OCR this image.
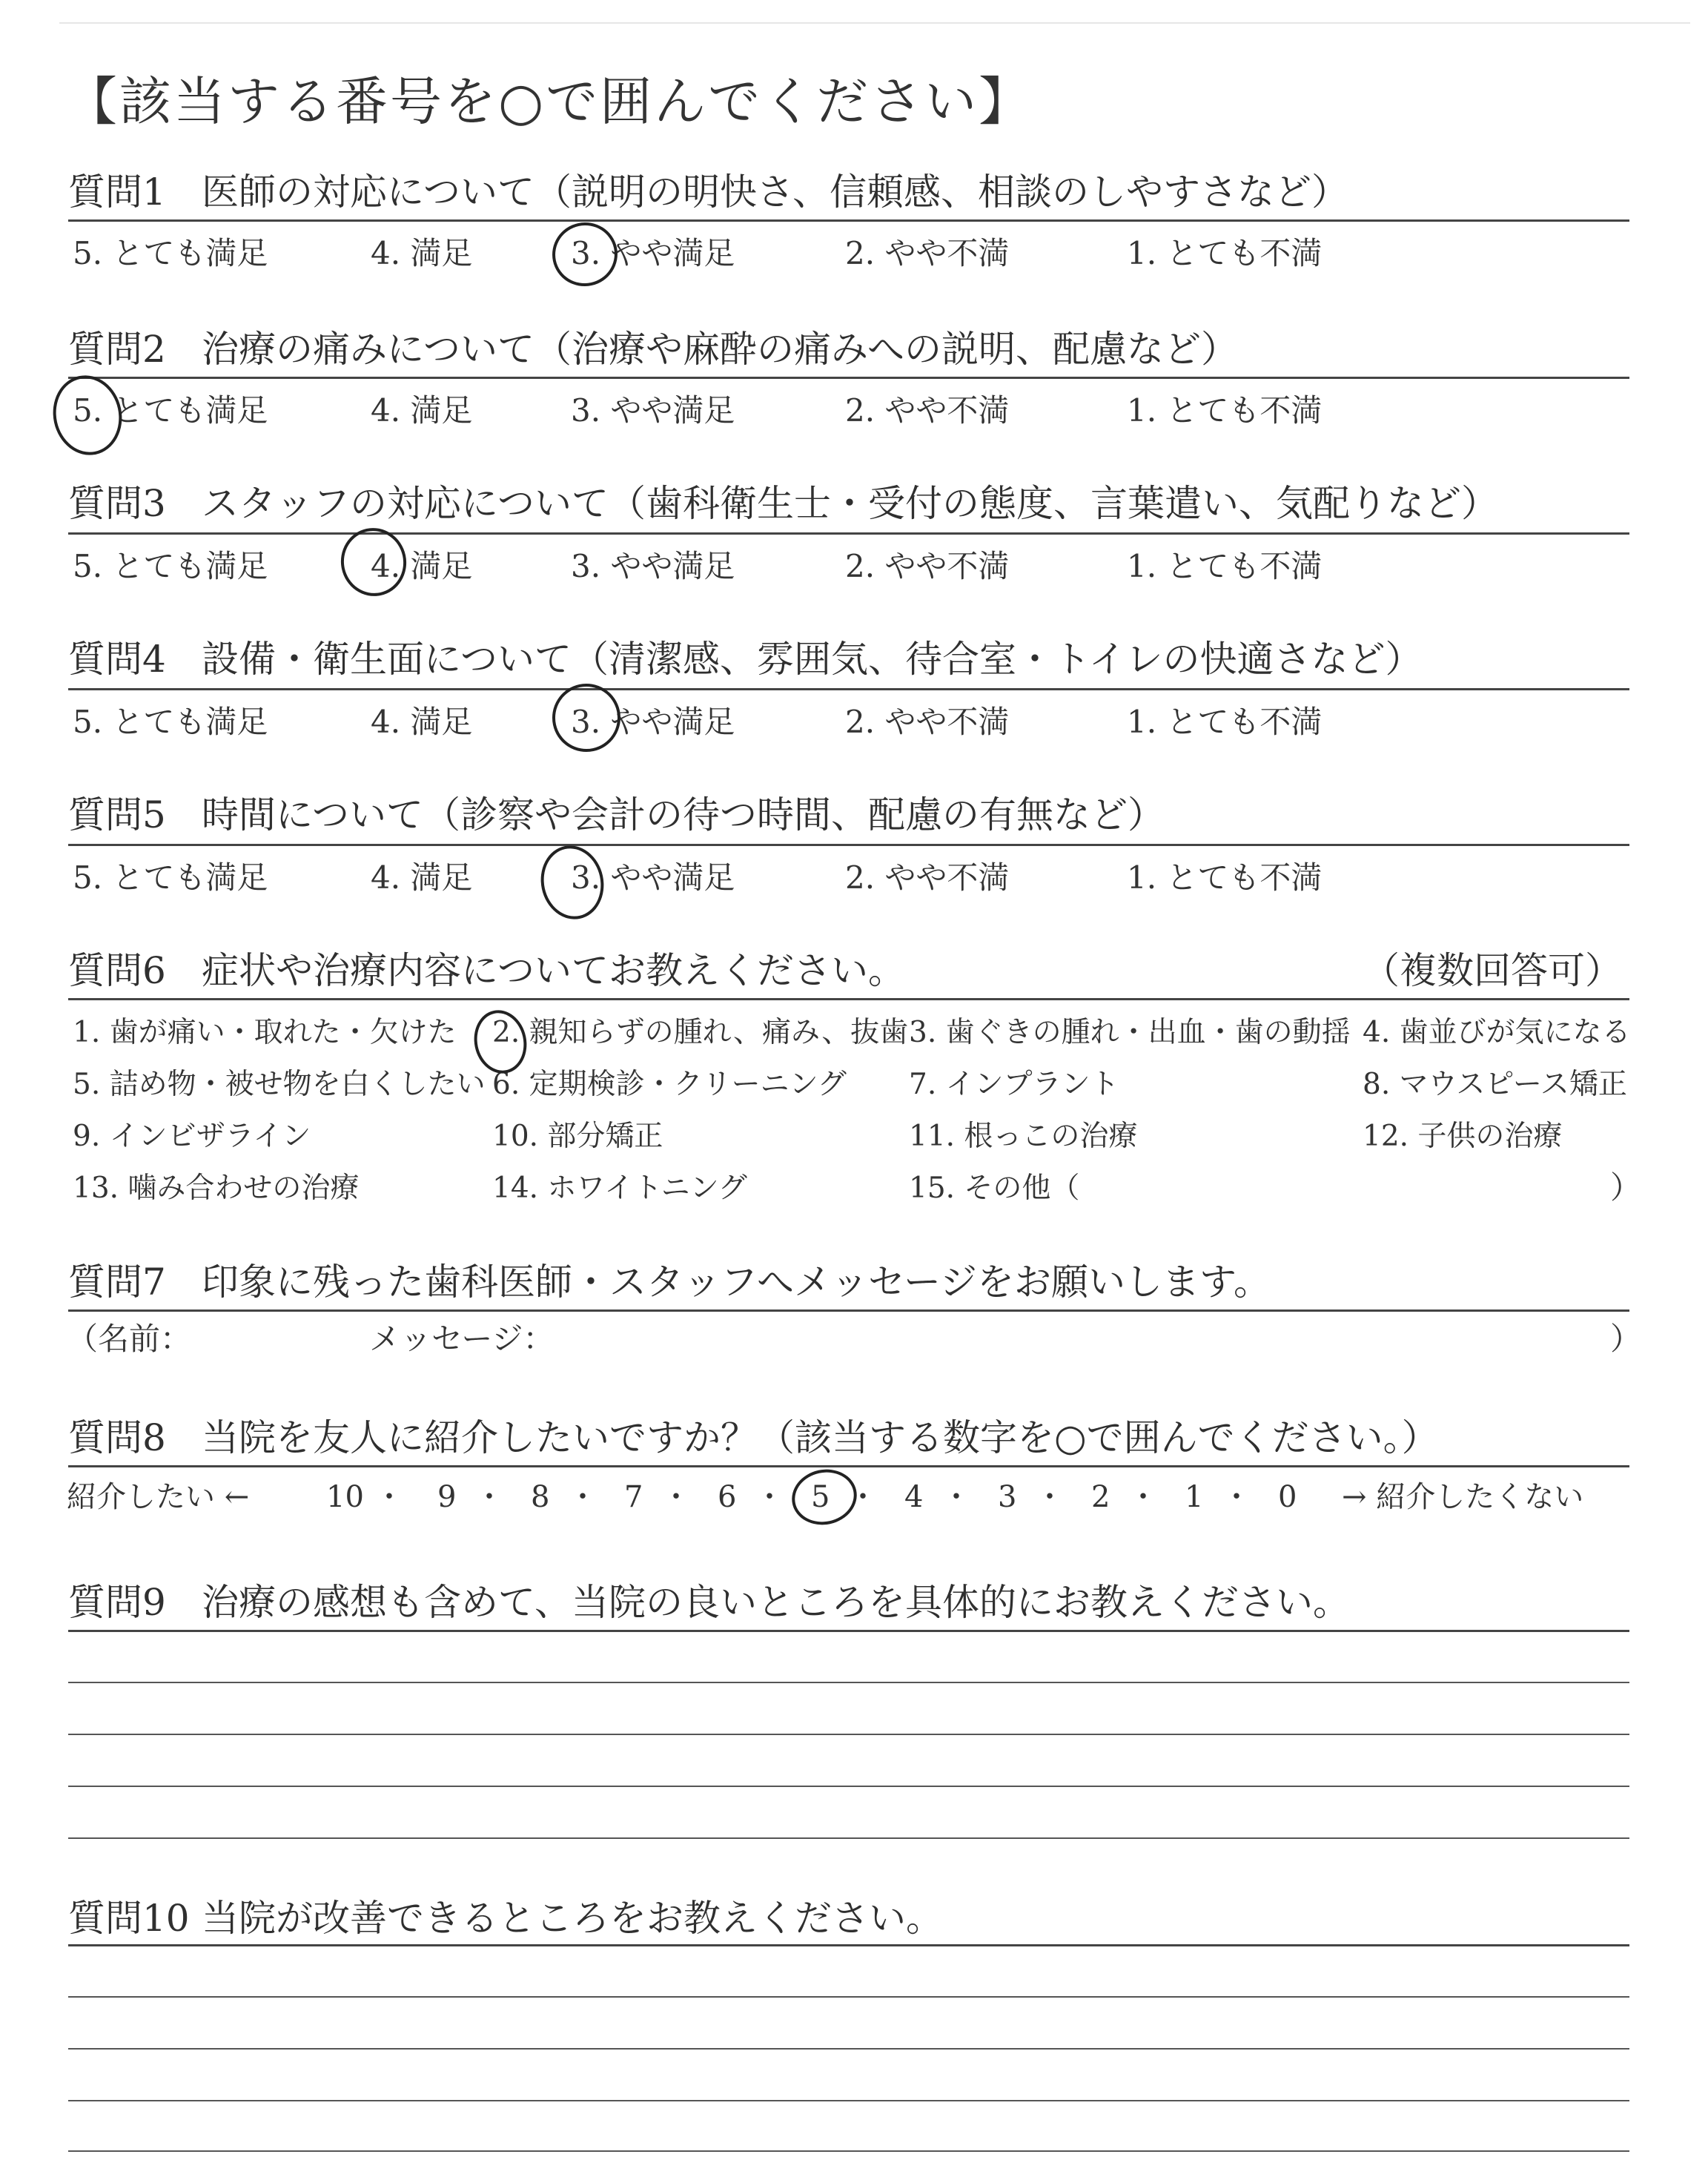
【該当する番号を○で囲んでください】
質問1 医師の対応について（説明の明快さ、信頼感、相談のしやすさなど）
5. とても満足	4. 満足	3. やや満足	2. やや不満	1. とても不満
質問2 治療の痛みについて（治療や麻酔の痛みへの説明、配慮など）
5. とても満足	4. 満足	3. やや満足	2. やや不満	1. とても不満
質問3 スタッフの対応について（歯科衛生士・受付の態度、言葉遣い、気配りなど）
5. とても満足	4. 満足	3. やや満足	2. やや不満	1. とても不満
質問4 設備・衛生面について（清潔感、雰囲気、待合室・トイレの快適さなど）
5. とても満足	4. 満足	3. やや満足	2. やや不満	1. とても不満
質問5 時間について（診察や会計の待つ時間、配慮の有無など）
5. とても満足	4. 満足	3. やや満足	2. やや不満	1. とても不満
質問6 症状や治療内容についてお教えください。	（複数回答可）
1. 歯が痛い・取れた・欠けた 2. 親知らずの腫れ、痛み、抜歯 3. 歯ぐきの腫れ・出血・歯の動揺 4. 歯並びが気になる
5. 詰め物・被せ物を白くしたい 6. 定期検診・クリーニング 7. インプラント	8. マウスピース矯正
9. インビザライン	10. 部分矯正	11. 根っこの治療	12. 子供の治療
13. 噛み合わせの治療	14. ホワイトニング	15. その他（	）
質問7 印象に残った歯科医師・スタッフへメッセージをお願いします。
（名前：	メッセージ：	）
質問8 当院を友人に紹介したいですか？（該当する数字を○で囲んでください。）
紹介したい ←	10 ・ 9 ・ 8 ・ 7 ・ 6 ・ 5 ・ 4 ・ 3 ・ 2 ・ 1 ・ 0 → 紹介したくない
質問9 治療の感想も含めて、当院の良いところを具体的にお教えください。
質問10 当院が改善できるところをお教えください。
